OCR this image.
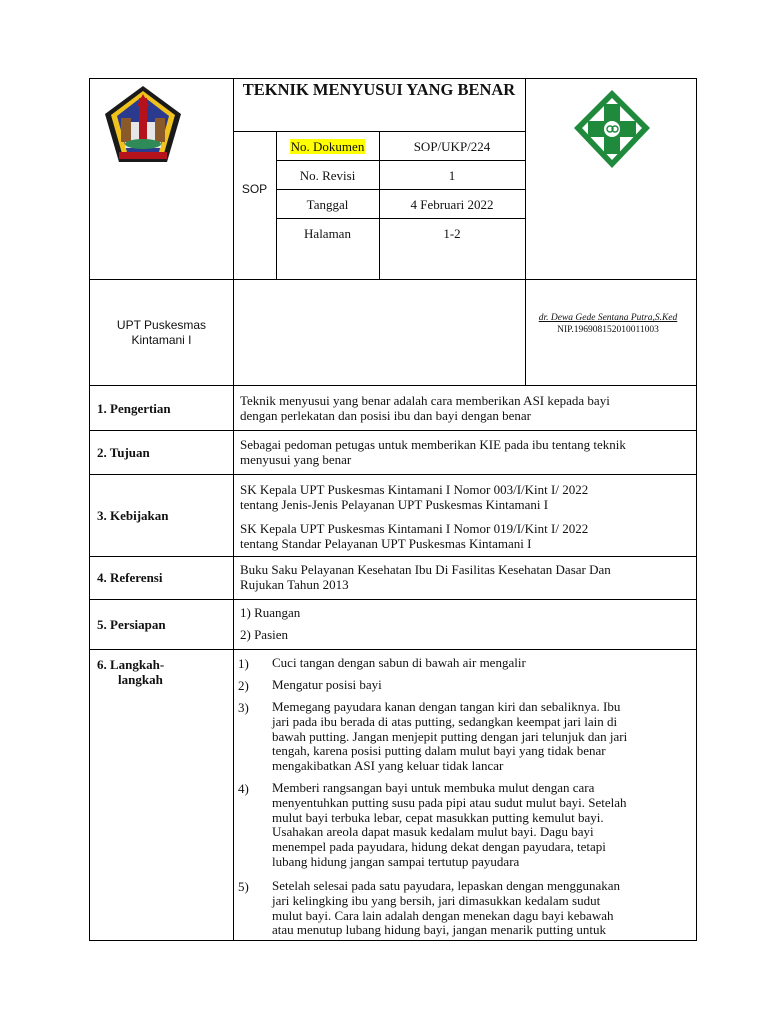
TEKNIK MENYUSUI YANG BENAR
SOP
No. Dokumen	SOP/UKP/224
No. Revisi	1
Tanggal	4 Februari 2022
Halaman	1-2
UPT Puskesmas
Kintamani I
dr. Dewa Gede Sentana Putra,S.Ked
NIP.196908152010011003
1. Pengertian
Teknik menyusui yang benar adalah cara memberikan ASI kepada bayi
dengan perlekatan dan posisi ibu dan bayi dengan benar
2. Tujuan
Sebagai pedoman petugas untuk memberikan KIE pada ibu tentang teknik
menyusui yang benar
3. Kebijakan
SK Kepala UPT Puskesmas Kintamani I Nomor 003/I/Kint I/ 2022
tentang Jenis-Jenis Pelayanan UPT Puskesmas Kintamani I
SK Kepala UPT Puskesmas Kintamani I Nomor 019/I/Kint I/ 2022
tentang Standar Pelayanan UPT Puskesmas Kintamani I
4. Referensi
Buku Saku Pelayanan Kesehatan Ibu Di Fasilitas Kesehatan Dasar Dan
Rujukan Tahun 2013
5. Persiapan
1) Ruangan
2) Pasien
6. Langkah-
langkah
1) Cuci tangan dengan sabun di bawah air mengalir
2) Mengatur posisi bayi
3) Memegang payudara kanan dengan tangan kiri dan sebaliknya. Ibu
jari pada ibu berada di atas putting, sedangkan keempat jari lain di
bawah putting. Jangan menjepit putting dengan jari telunjuk dan jari
tengah, karena posisi putting dalam mulut bayi yang tidak benar
mengakibatkan ASI yang keluar tidak lancar
4) Memberi rangsangan bayi untuk membuka mulut dengan cara
menyentuhkan putting susu pada pipi atau sudut mulut bayi. Setelah
mulut bayi terbuka lebar, cepat masukkan putting kemulut bayi.
Usahakan areola dapat masuk kedalam mulut bayi. Dagu bayi
menempel pada payudara, hidung dekat dengan payudara, tetapi
lubang hidung jangan sampai tertutup payudara
5) Setelah selesai pada satu payudara, lepaskan dengan menggunakan
jari kelingking ibu yang bersih, jari dimasukkan kedalam sudut
mulut bayi. Cara lain adalah dengan menekan dagu bayi kebawah
atau menutup lubang hidung bayi, jangan menarik putting untuk
